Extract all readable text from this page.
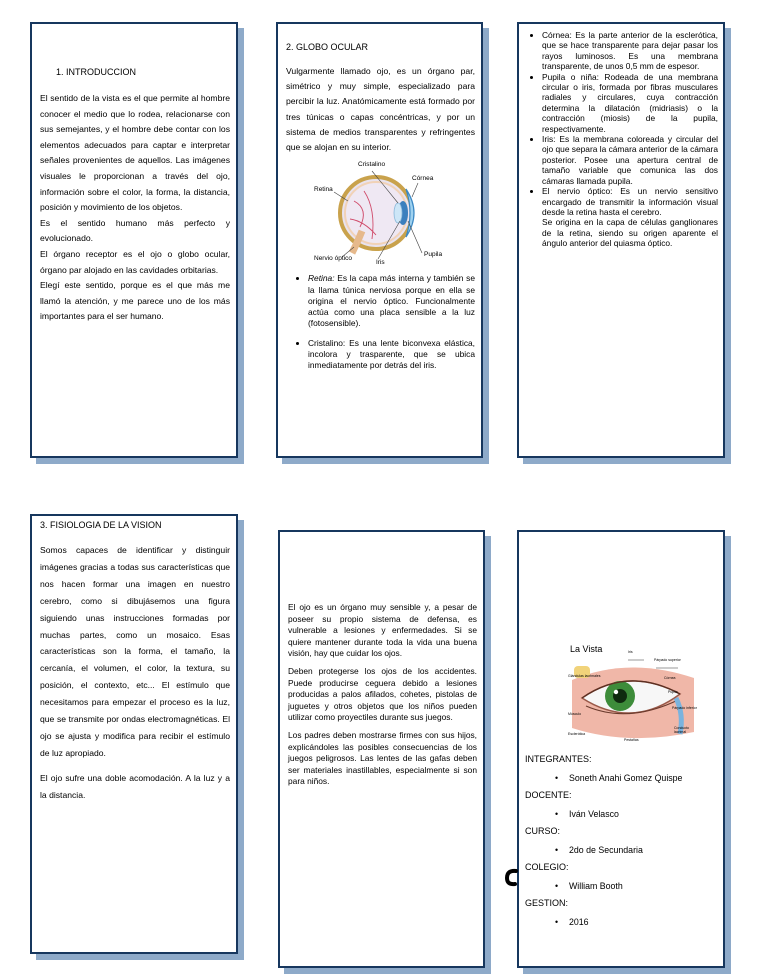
1. INTRODUCCION

El sentido de la vista es el que permite al hombre conocer el medio que lo rodea, relacionarse con sus semejantes, y el hombre debe contar con los elementos adecuados para captar e interpretar señales provenientes de aquellos. Las imágenes visuales le proporcionan a través del ojo, información sobre el color, la forma, la distancia, posición y movimiento de los objetos.

Es el sentido humano más perfecto y evolucionado.

El órgano receptor es el ojo o globo ocular, órgano par alojado en las cavidades orbitarias.

Elegí este sentido, porque es el que más me llamó la atención, y me parece uno de los más importantes para el ser humano.

2. GLOBO OCULAR

Vulgarmente llamado ojo, es un órgano par, simétrico y muy simple, especializado para percibir la luz. Anatómicamente está formado por tres túnicas o capas concéntricas, y por un sistema de medios transparentes y refringentes que se alojan en su interior.

Cristalino
Córnea
Retina
Nervio óptico
Iris
Pupila
• Retina: Es la capa más interna y también se la llama túnica nerviosa porque en ella se origina el nervio óptico. Funcionalmente actúa como una placa sensible a la luz (fotosensible).
• Cristalino: Es una lente biconvexa elástica, incolora y trasparente, que se ubica inmediatamente por detrás del iris.
• Córnea: Es la parte anterior de la esclerótica, que se hace transparente para dejar pasar los rayos luminosos. Es una membrana transparente, de unos 0,5 mm de espesor.
• Pupila o niña: Rodeada de una membrana circular o iris, formada por fibras musculares radiales y circulares, cuya contracción determina la dilatación (midriasis) o la contracción (miosis) de la pupila, respectivamente.
• Iris: Es la membrana coloreada y circular del ojo que separa la cámara anterior de la cámara posterior. Posee una apertura central de tamaño variable que comunica las dos cámaras llamada pupila.
• El nervio óptico: Es un nervio sensitivo encargado de transmitir la información visual desde la retina hasta el cerebro.

Se origina en la capa de células ganglionares de la retina, siendo su origen aparente el ángulo anterior del quiasma óptico.

3. FISIOLOGIA DE LA VISION

Somos capaces de identificar y distinguir imágenes gracias a todas sus características que nos hacen formar una imagen en nuestro cerebro, como si dibujásemos una figura siguiendo unas instrucciones formadas por muchas partes, como un mosaico. Esas características son la forma, el tamaño, la cercanía, el volumen, el color, la textura, su posición, el contexto, etc... El estímulo que necesitamos para empezar el proceso es la luz, que se transmite por ondas electromagnéticas. El ojo se ajusta y modifica para recibir el estímulo de luz apropiado.

El ojo sufre una doble acomodación. A la luz y a la distancia.

El ojo es un órgano muy sensible y, a pesar de poseer su propio sistema de defensa, es vulnerable a lesiones y enfermedades. Si se quiere mantener durante toda la vida una buena visión, hay que cuidar los ojos.

Deben protegerse los ojos de los accidentes. Puede producirse ceguera debido a lesiones producidas a palos afilados, cohetes, pistolas de juguetes y otros objetos que los niños pueden utilizar como proyectiles durante sus juegos.

Los padres deben mostrarse firmes con sus hijos, explicándoles las posibles consecuencias de los juegos peligrosos. Las lentes de las gafas deben ser materiales inastillables, especialmente si son para niños.

La Vista	Iris
Párpado superior
Glándulas lacrimales
Pupila
Córnea
Esclerótica
Párpado inferior
Pestañas
Conducto lacrimal
Músculo

INTEGRANTES:

•	Soneth Anahi Gomez Quispe

DOCENTE:

•	Iván Velasco

CURSO:

•	2do de Secundaria

COLEGIO:

•	William Booth

GESTION:

•	2016
